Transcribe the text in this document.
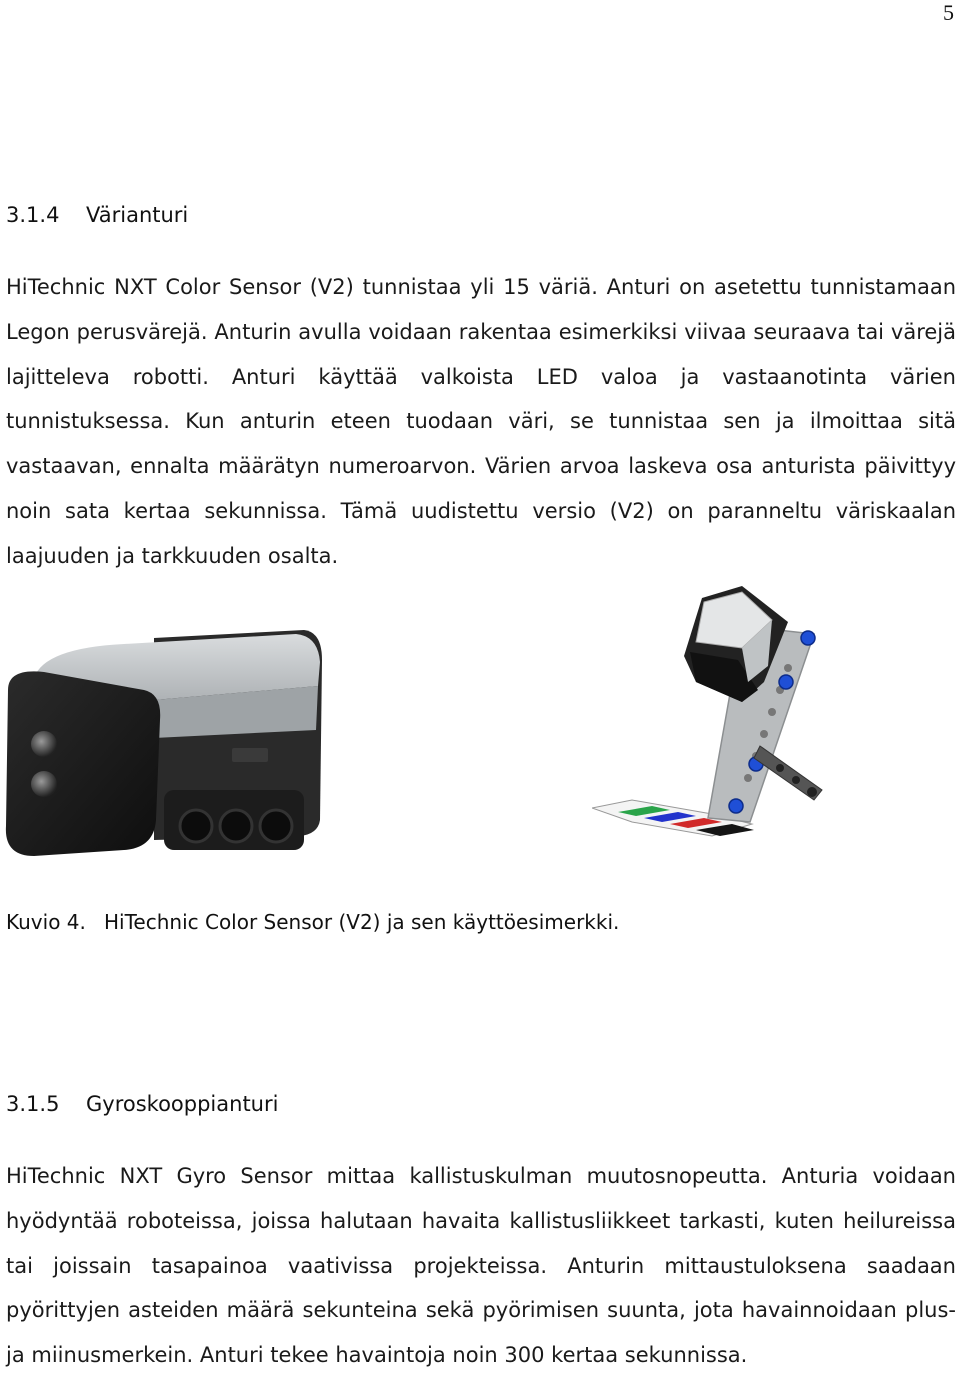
5
3.1.4 Värianturi
HiTechnic NXT Color Sensor (V2) tunnistaa yli 15 väriä. Anturi on asetettu tunnistamaan Legon perusvärejä. Anturin avulla voidaan rakentaa esimerkiksi viivaa seuraava tai värejä lajitteleva robotti. Anturi käyttää valkoista LED valoa ja vastaanotinta värien tunnistuksessa. Kun anturin eteen tuodaan väri, se tunnistaa sen ja ilmoittaa sitä vastaavan, ennalta määrätyn numeroarvon. Värien arvoa laskeva osa anturista päivittyy noin sata kertaa sekunnissa. Tämä uudistettu versio (V2) on paranneltu väriskaalan laajuuden ja tarkkuuden osalta.
Kuvio 4. HiTechnic Color Sensor (V2) ja sen käyttöesimerkki.
3.1.5 Gyroskooppianturi
HiTechnic NXT Gyro Sensor mittaa kallistuskulman muutosnopeutta. Anturia voidaan hyödyntää roboteissa, joissa halutaan havaita kallistusliikkeet tarkasti, kuten heilureissa tai joissain tasapainoa vaativissa projekteissa. Anturin mittaustuloksena saadaan pyörittyjen asteiden määrä sekunteina sekä pyörimisen suunta, jota havainnoidaan plus- ja miinusmerkein. Anturi tekee havaintoja noin 300 kertaa sekunnissa.
